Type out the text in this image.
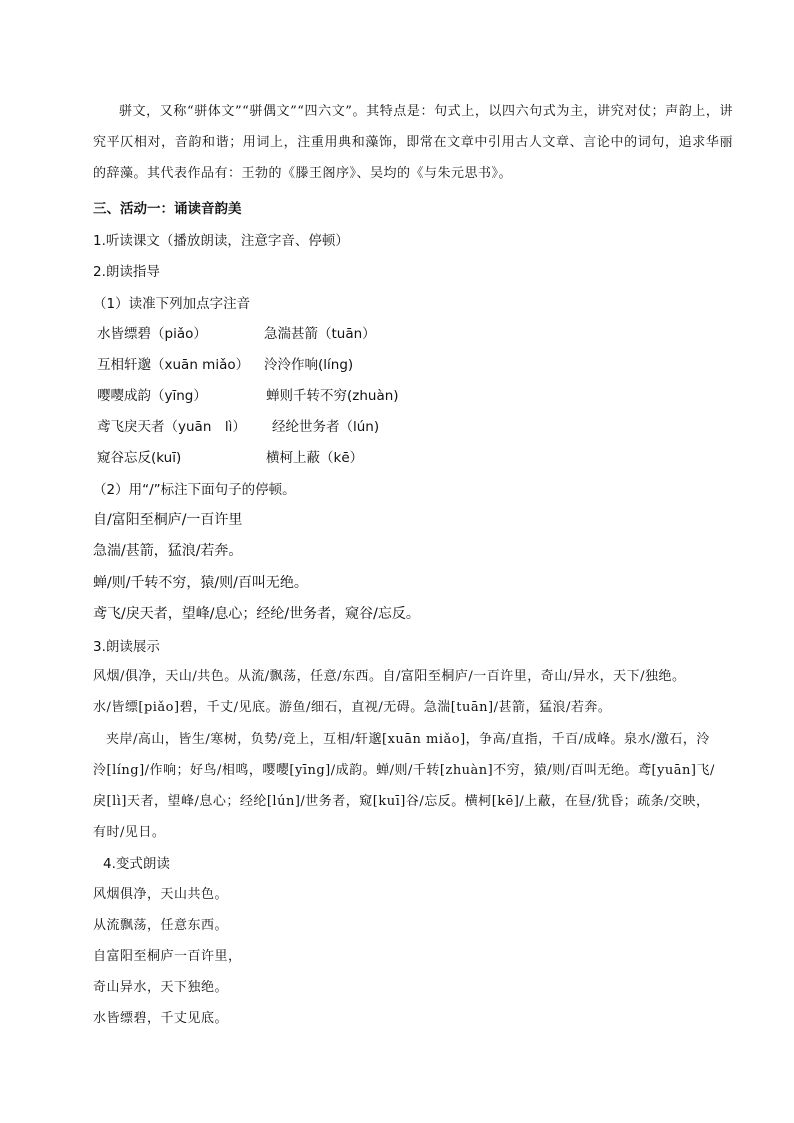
骈文，又称“骈体文”“骈偶文”“四六文”。其特点是：句式上，以四六句式为主，讲究对仗；声韵上，讲究平仄相对，音韵和谐；用词上，注重用典和藻饰，即常在文章中引用古人文章、言论中的词句，追求华丽的辞藻。其代表作品有：王勃的《滕王阁序》、吴均的《与朱元思书》。
三、活动一：诵读音韵美
1.听读课文（播放朗读，注意字音、停顿）
2.朗读指导
（1）读准下列加点字注音
水皆缥碧（piǎo）	急湍甚箭（tuān）
互相轩邈（xuān miǎo） 泠泠作响(líng)
嘤嘤成韵（yīng）	蝉则千转不穷(zhuàn)
鸢飞戾天者（yuān　lì） 经纶世务者（lún)
窥谷忘反(kuī)	横柯上蔽（kē）
（2）用“/”标注下面句子的停顿。
自/富阳至桐庐/一百许里
急湍/甚箭，猛浪/若奔。
蝉/则/千转不穷，猿/则/百叫无绝。
鸢飞/戾天者，望峰/息心；经纶/世务者，窥谷/忘反。
3.朗读展示
风烟/俱净，天山/共色。从流/飘荡，任意/东西。自/富阳至桐庐/一百许里，奇山/异水，天下/独绝。
水/皆缥[piǎo]碧，千丈/见底。游鱼/细石，直视/无碍。急湍[tuān]/甚箭，猛浪/若奔。
夹岸/高山，皆生/寒树，负势/竞上，互相/轩邈[xuān miǎo]，争高/直指，千百/成峰。泉水/激石，泠
泠[líng]/作响；好鸟/相鸣，嘤嘤[yīng]/成韵。蝉/则/千转[zhuàn]不穷，猿/则/百叫无绝。鸢[yuān]飞/
戾[lì]天者，望峰/息心；经纶[lún]/世务者，窥[kuī]谷/忘反。横柯[kē]/上蔽，在昼/犹昏；疏条/交映，
有时/见日。
4.变式朗读
风烟俱净，天山共色。
从流飘荡，任意东西。
自富阳至桐庐一百许里，
奇山异水，天下独绝。
水皆缥碧，千丈见底。
